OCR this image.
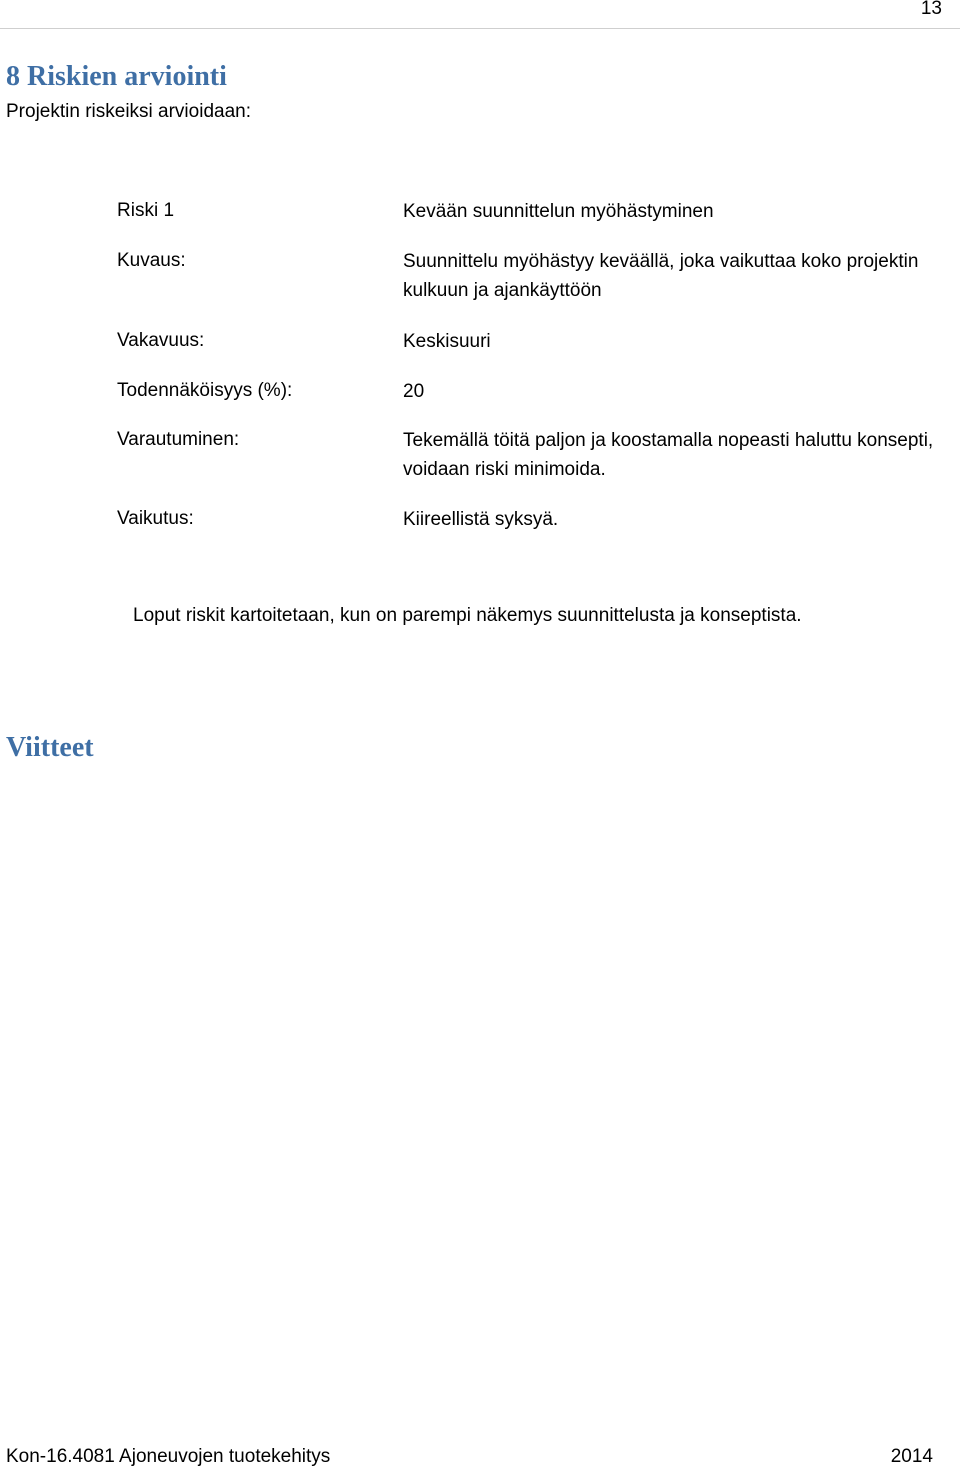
13
8 Riskien arviointi
Projektin riskeiksi arvioidaan:
Riski 1	Kevään suunnittelun myöhästyminen
Kuvaus:	Suunnittelu myöhästyy keväällä, joka vaikuttaa koko projektin
kulkuun ja ajankäyttöön
Vakavuus:	Keskisuuri
Todennäköisyys (%):	20
Varautuminen:	Tekemällä töitä paljon ja koostamalla nopeasti haluttu konsepti,
voidaan riski minimoida.
Vaikutus:	Kiireellistä syksyä.
Loput riskit kartoitetaan, kun on parempi näkemys suunnittelusta ja konseptista.
Viitteet
Kon-16.4081 Ajoneuvojen tuotekehitys	2014
